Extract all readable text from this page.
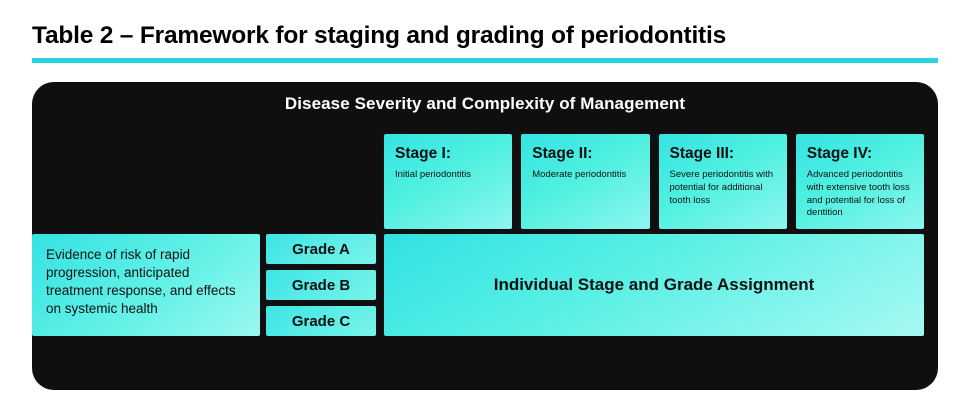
Table 2 – Framework for staging and grading of periodontitis
Disease Severity and Complexity of Management
Stage I:
Initial periodontitis
Stage II:
Moderate periodontitis
Stage III:
Severe periodontitis with potential for additional tooth loss
Stage IV:
Advanced periodontitis with extensive tooth loss and potential for loss of dentition
Evidence of risk of rapid progression, anticipated treatment response, and effects on systemic health
Grade A
Grade B
Grade C
Individual Stage and Grade Assignment
